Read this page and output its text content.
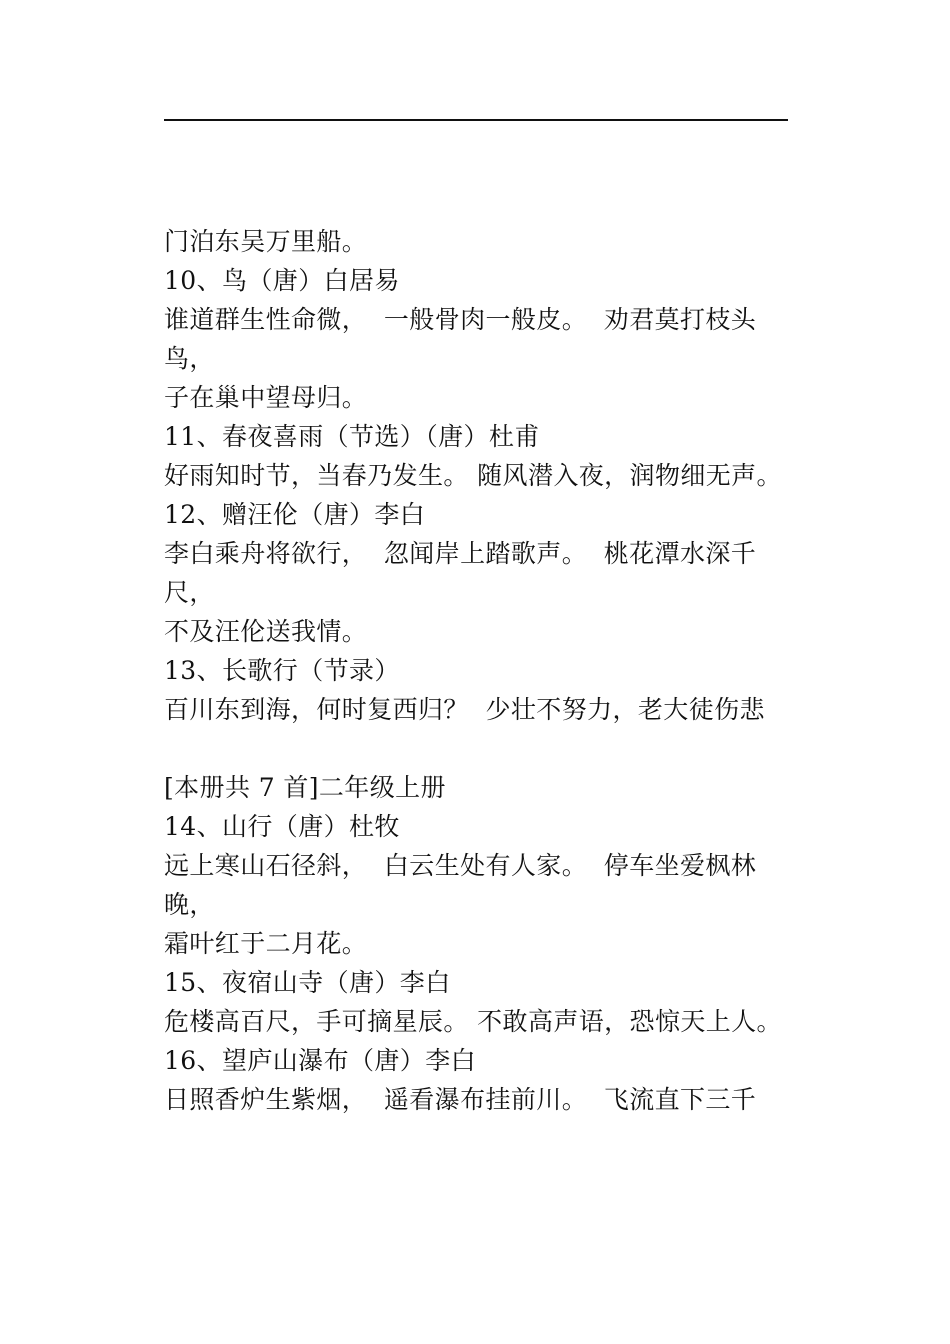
门泊东吴万里船。
10、鸟（唐）白居易
谁道群生性命微，  一般骨肉一般皮。  劝君莫打枝头
鸟，
子在巢中望母归。
11、春夜喜雨（节选）（唐）杜甫
好雨知时节，当春乃发生。 随风潜入夜，润物细无声。
12、赠汪伦（唐）李白
李白乘舟将欲行，  忽闻岸上踏歌声。  桃花潭水深千
尺，
不及汪伦送我情。
13、长歌行（节录）
百川东到海，何时复西归？  少壮不努力，老大徒伤悲
[本册共 7 首]二年级上册
14、山行（唐）杜牧
远上寒山石径斜，  白云生处有人家。  停车坐爱枫林
晚，
霜叶红于二月花。
15、夜宿山寺（唐）李白
危楼高百尺，手可摘星辰。 不敢高声语，恐惊天上人。
16、望庐山瀑布（唐）李白
日照香炉生紫烟，  遥看瀑布挂前川。  飞流直下三千
